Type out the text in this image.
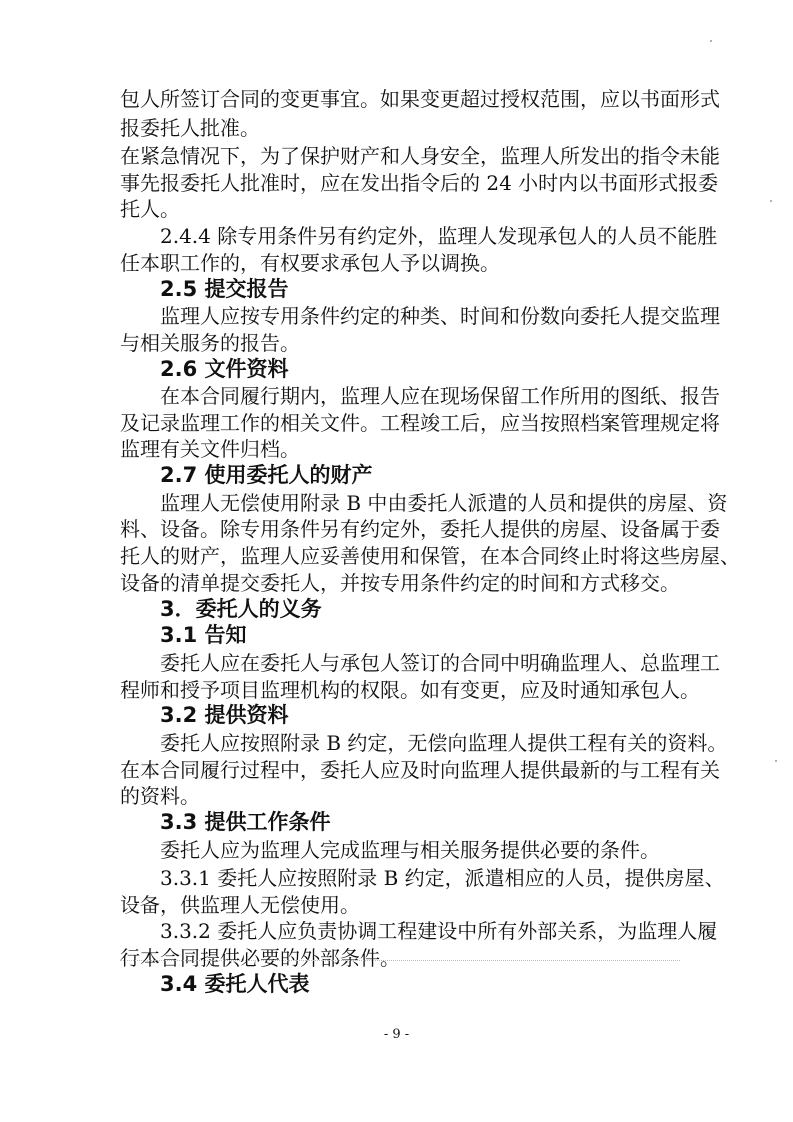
包人所签订合同的变更事宜。如果变更超过授权范围，应以书面形式
报委托人批准。
在紧急情况下，为了保护财产和人身安全，监理人所发出的指令未能
事先报委托人批准时，应在发出指令后的 24 小时内以书面形式报委
托人。
2.4.4 除专用条件另有约定外，监理人发现承包人的人员不能胜
任本职工作的，有权要求承包人予以调换。
2.5 提交报告
监理人应按专用条件约定的种类、时间和份数向委托人提交监理
与相关服务的报告。
2.6 文件资料
在本合同履行期内，监理人应在现场保留工作所用的图纸、报告
及记录监理工作的相关文件。工程竣工后，应当按照档案管理规定将
监理有关文件归档。
2.7 使用委托人的财产
监理人无偿使用附录 B 中由委托人派遣的人员和提供的房屋、资
料、设备。除专用条件另有约定外，委托人提供的房屋、设备属于委
托人的财产，监理人应妥善使用和保管，在本合同终止时将这些房屋、
设备的清单提交委托人，并按专用条件约定的时间和方式移交。
3．委托人的义务
3.1 告知
委托人应在委托人与承包人签订的合同中明确监理人、总监理工
程师和授予项目监理机构的权限。如有变更，应及时通知承包人。
3.2 提供资料
委托人应按照附录 B 约定，无偿向监理人提供工程有关的资料。
在本合同履行过程中，委托人应及时向监理人提供最新的与工程有关
的资料。
3.3 提供工作条件
委托人应为监理人完成监理与相关服务提供必要的条件。
3.3.1 委托人应按照附录 B 约定，派遣相应的人员，提供房屋、
设备，供监理人无偿使用。
3.3.2 委托人应负责协调工程建设中所有外部关系，为监理人履
行本合同提供必要的外部条件。
3.4 委托人代表
- 9 -
